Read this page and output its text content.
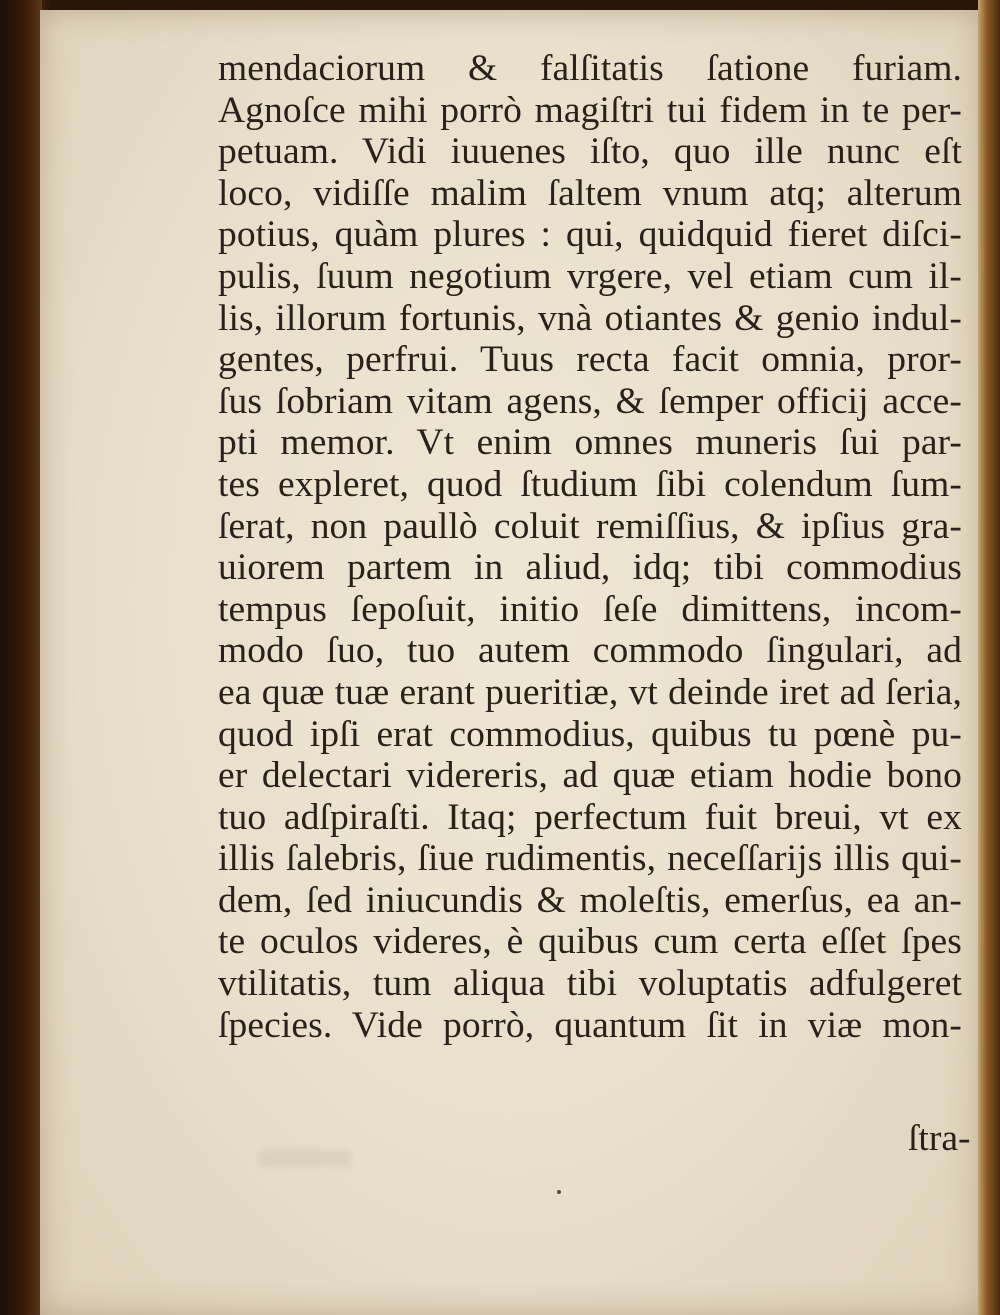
mendaciorum & falſitatis ſatione furiam.
Agnoſce mihi porrò magiſtri tui fidem in te per-
petuam. Vidi iuuenes iſto, quo ille nunc eſt
loco, vidiſſe malim ſaltem vnum atq; alterum
potius, quàm plures : qui, quidquid fieret diſci-
pulis, ſuum negotium vrgere, vel etiam cum il-
lis, illorum fortunis, vnà otiantes & genio indul-
gentes, perfrui. Tuus recta facit omnia, pror-
ſus ſobriam vitam agens, & ſemper officij acce-
pti memor. Vt enim omnes muneris ſui par-
tes expleret, quod ſtudium ſibi colendum ſum-
ſerat, non paullò coluit remiſſius, & ipſius gra-
uiorem partem in aliud, idq; tibi commodius
tempus ſepoſuit, initio ſeſe dimittens, incom-
modo ſuo, tuo autem commodo ſingulari, ad
ea quæ tuæ erant pueritiæ, vt deinde iret ad ſeria,
quod ipſi erat commodius, quibus tu pœnè pu-
er delectari videreris, ad quæ etiam hodie bono
tuo adſpiraſti. Itaq; perfectum fuit breui, vt ex
illis ſalebris, ſiue rudimentis, neceſſarijs illis qui-
dem, ſed iniucundis & moleſtis, emerſus, ea an-
te oculos videres, è quibus cum certa eſſet ſpes
vtilitatis, tum aliqua tibi voluptatis adfulgeret
ſpecies. Vide porrò, quantum ſit in viæ mon-
ſtra-
